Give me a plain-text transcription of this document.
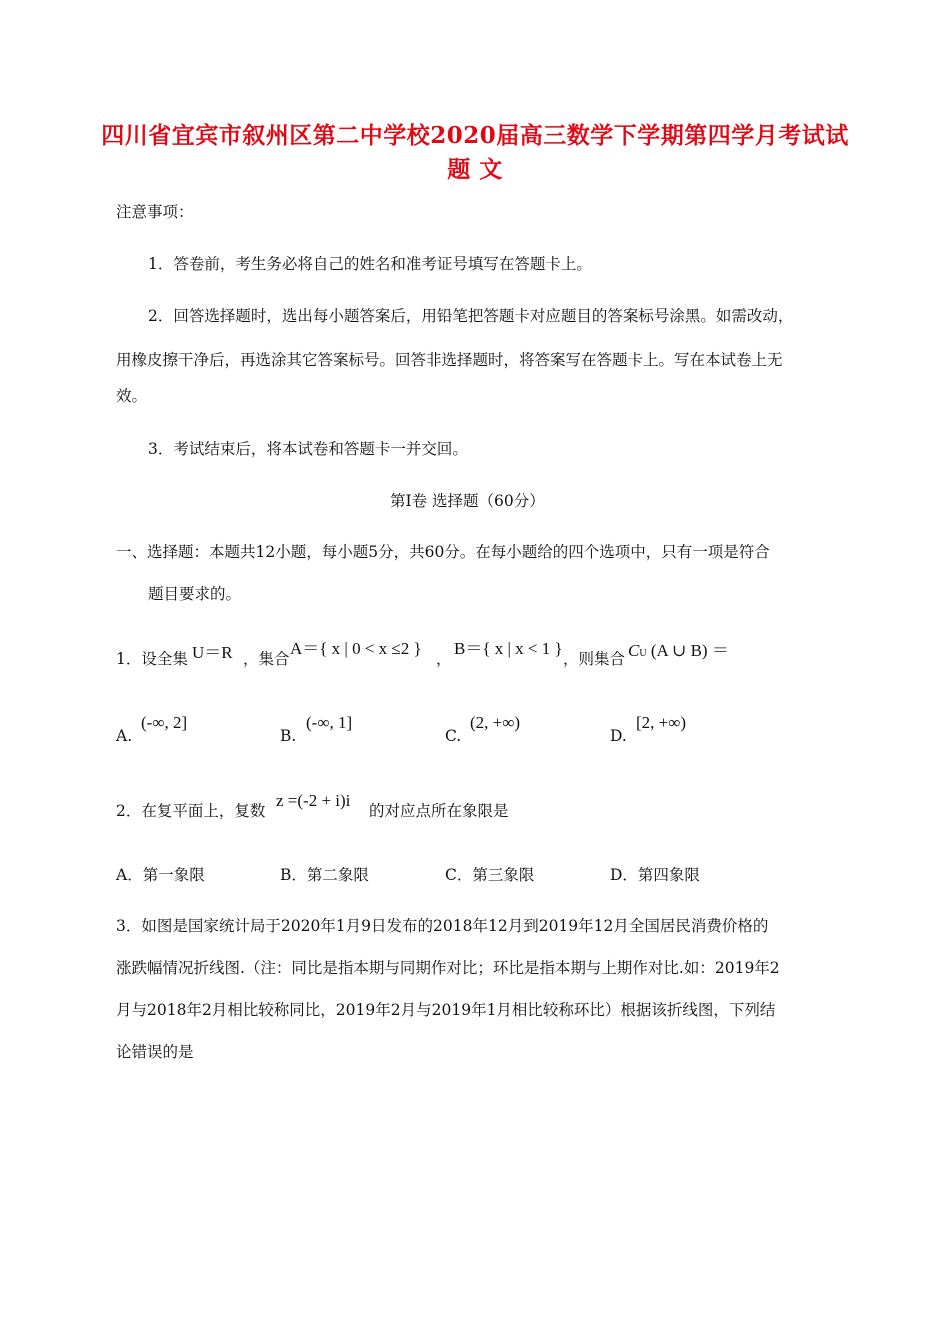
四川省宜宾市叙州区第二中学校2020届高三数学下学期第四学月考试试
题 文
注意事项：
1．答卷前，考生务必将自己的姓名和准考证号填写在答题卡上。
2．回答选择题时，选出每小题答案后，用铅笔把答题卡对应题目的答案标号涂黑。如需改动，
用橡皮擦干净后，再选涂其它答案标号。回答非选择题时，将答案写在答题卡上。写在本试卷上无
效。
3．考试结束后，将本试卷和答题卡一并交回。
第Ⅰ卷 选择题（60分）
一、选择题：本题共12小题，每小题5分，共60分。在每小题给的四个选项中，只有一项是符合
题目要求的。
1．设全集 U＝R ，集合
A＝{ x | 0 < x ≤2 }
，
B＝{ x | x < 1 }
，则集合 CU (A ∪ B) ＝
A.
(-∞, 2]
B.
(-∞, 1]
C.
(2, +∞)
D.
[2, +∞)
2．在复平面上，复数
z =(-2 + i)i
的对应点所在象限是
A．第一象限	B．第二象限	C．第三象限	D．第四象限
3．如图是国家统计局于2020年1月9日发布的2018年12月到2019年12月全国居民消费价格的
涨跌幅情况折线图.（注：同比是指本期与同期作对比；环比是指本期与上期作对比.如：2019年2
月与2018年2月相比较称同比，2019年2月与2019年1月相比较称环比）根据该折线图，下列结
论错误的是
